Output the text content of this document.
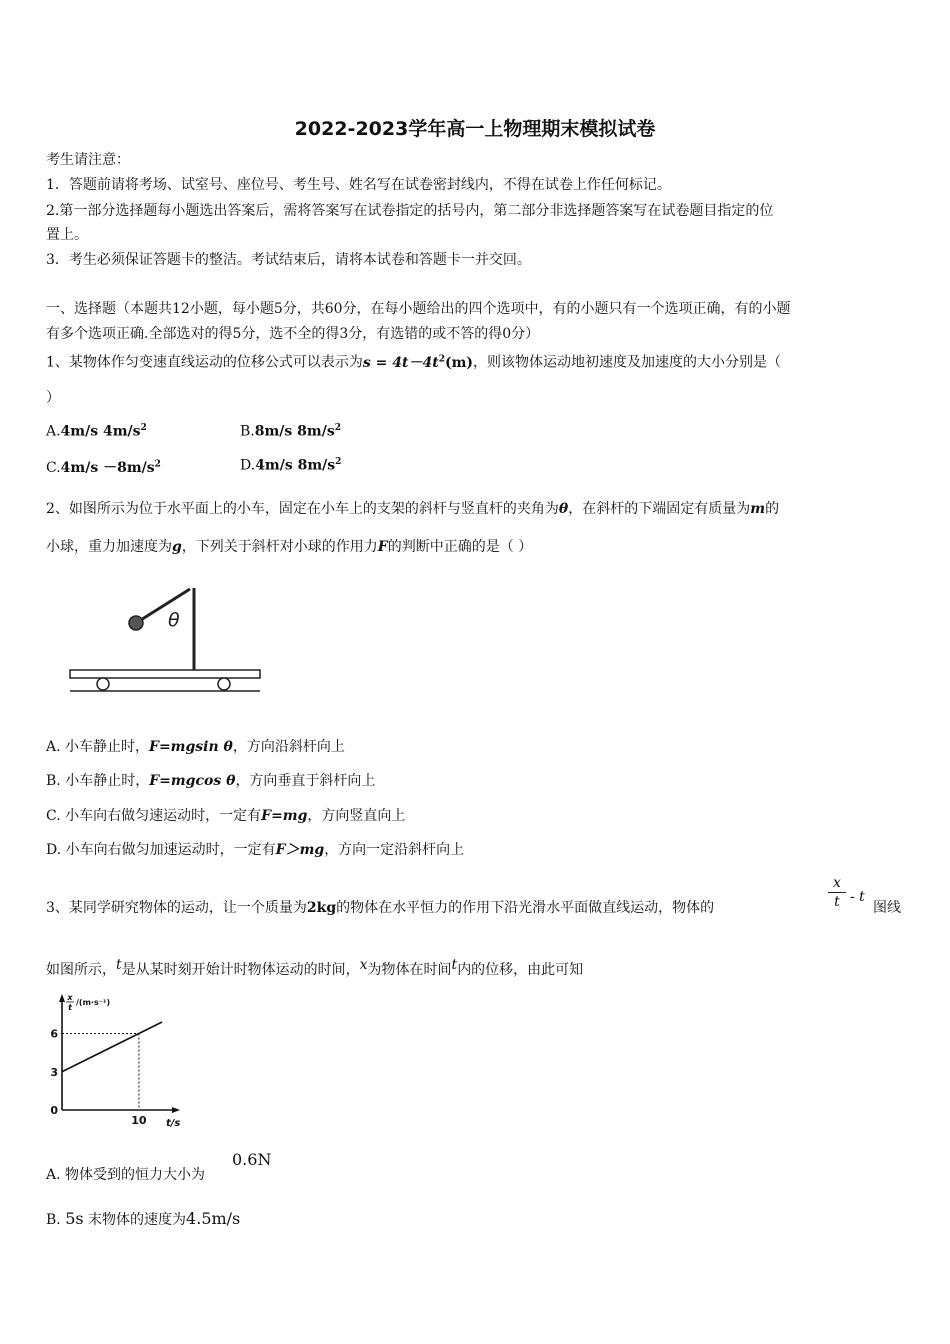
2022-2023学年高一上物理期末模拟试卷
考生请注意：
1．答题前请将考场、试室号、座位号、考生号、姓名写在试卷密封线内，不得在试卷上作任何标记。
2.第一部分选择题每小题选出答案后，需将答案写在试卷指定的括号内，第二部分非选择题答案写在试卷题目指定的位
置上。
3．考生必须保证答题卡的整洁。考试结束后，请将本试卷和答题卡一并交回。
一、选择题（本题共12小题，每小题5分，共60分，在每小题给出的四个选项中，有的小题只有一个选项正确，有的小题
有多个选项正确.全部选对的得5分，选不全的得3分，有选错的或不答的得0分）
1、某物体作匀变速直线运动的位移公式可以表示为$s = 4t-4t^2(m)$，则该物体运动地初速度及加速度的大小分别是（
）
A.4m/s $4m/s^2$	B.8m/s $8m/s^2$
$C.4m/s -8m/s^2$	D.4m/s $8m/s^2$
2、如图所示为位于水平面上的小车，固定在小车上的支架的斜杆与竖直杆的夹角为θ，在斜杆的下端固定有质量为m的
小球，重力加速度为g，下列关于斜杆对小球的作用力F的判断中正确的是（ ）
θ
A. 小车静止时，F=mgsin θ，方向沿斜杆向上
B. 小车静止时，F=mgcos θ，方向垂直于斜杆向上
C. 小车向右做匀速运动时，一定有F=mg，方向竖直向上
D. 小车向右做匀加速运动时，一定有F＞mg，方向一定沿斜杆向上
3、某同学研究物体的运动，让一个质量为2kg的物体在水平恒力的作用下沿光滑水平面做直线运动，物体的	$\frac{x}{t}$ - t
图线
如图所示，t是从某时刻开始计时物体运动的时间，x为物体在时间t内的位移，由此可知
0
3
6
10 t/s
x
t
/(m·s⁻¹)
A. 物体受到的恒力大小为
0.6N
B. 5s 末物体的速度为4.5m/s
